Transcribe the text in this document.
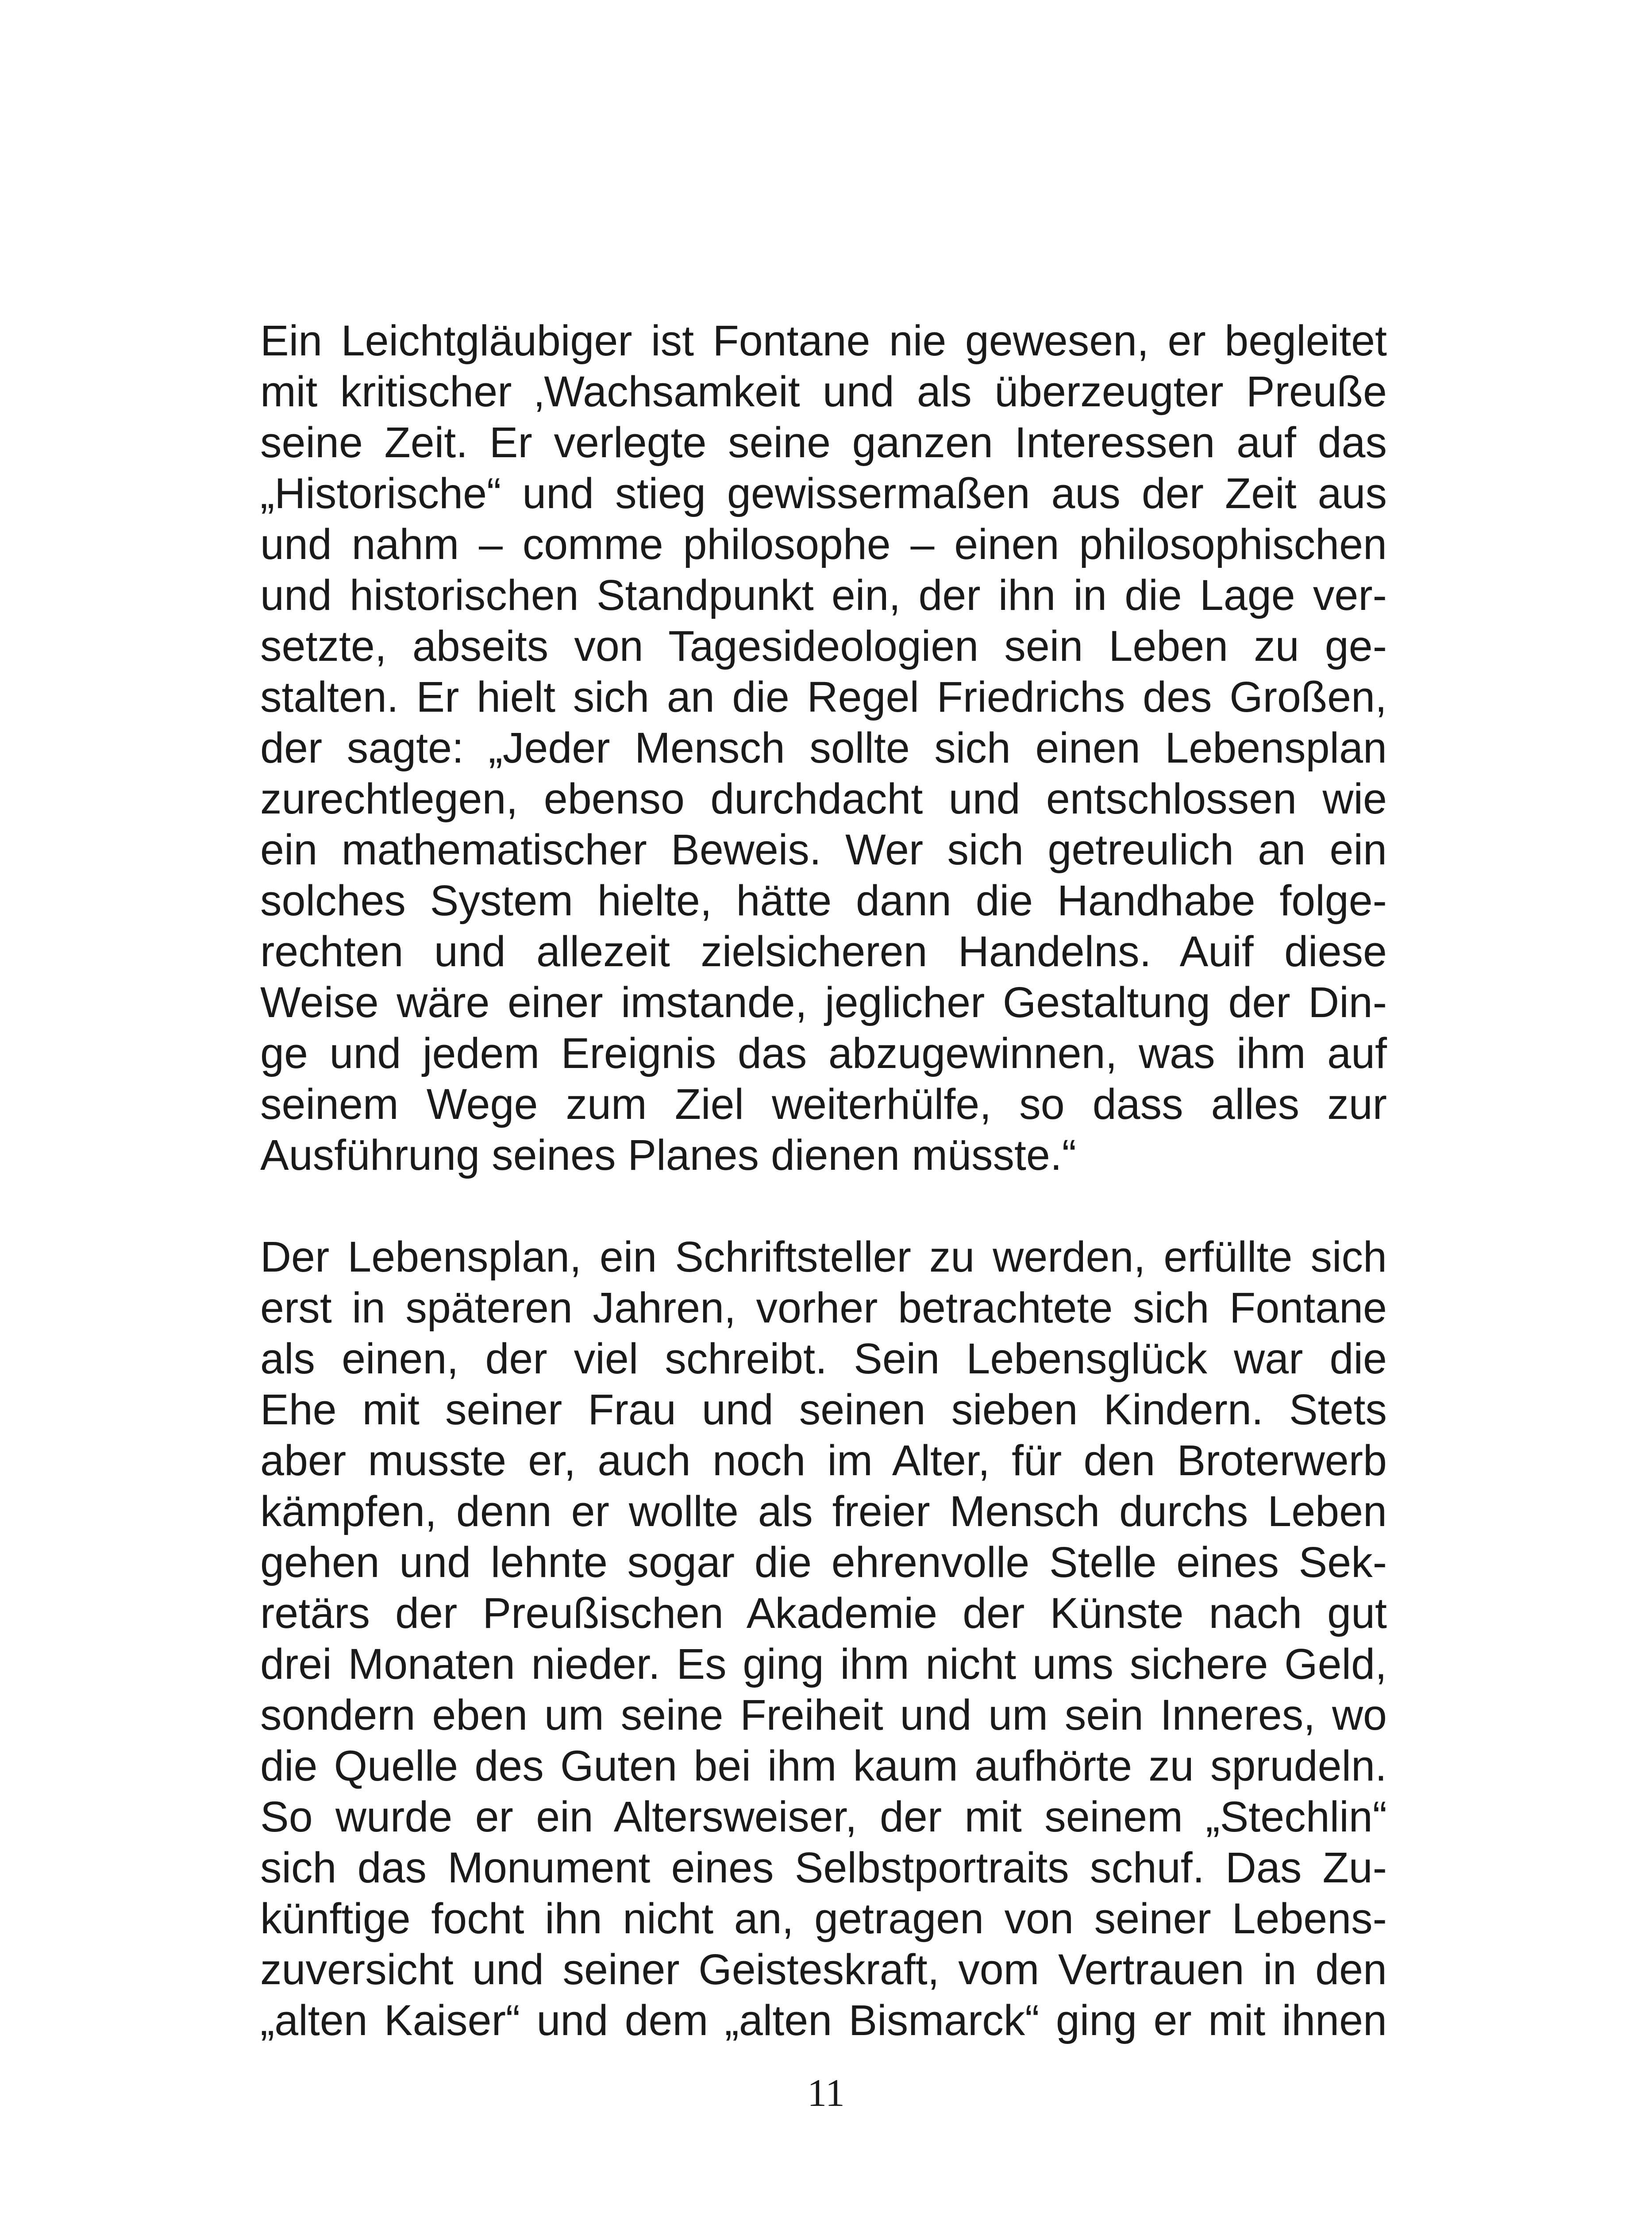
Ein Leichtgläubiger ist Fontane nie gewesen, er begleitet
mit kritischer ‚Wachsamkeit und als überzeugter Preuße
seine Zeit. Er verlegte seine ganzen Interessen auf das
„Historische“ und stieg gewissermaßen aus der Zeit aus
und nahm – comme philosophe – einen philosophischen
und historischen Standpunkt ein, der ihn in die Lage ver-
setzte, abseits von Tagesideologien sein Leben zu ge-
stalten. Er hielt sich an die Regel Friedrichs des Großen,
der sagte: „Jeder Mensch sollte sich einen Lebensplan
zurechtlegen, ebenso durchdacht und entschlossen wie
ein mathematischer Beweis. Wer sich getreulich an ein
solches System hielte, hätte dann die Handhabe folge-
rechten und allezeit zielsicheren Handelns. Auif diese
Weise wäre einer imstande, jeglicher Gestaltung der Din-
ge und jedem Ereignis das abzugewinnen, was ihm auf
seinem Wege zum Ziel weiterhülfe, so dass alles zur
Ausführung seines Planes dienen müsste.“
Der Lebensplan, ein Schriftsteller zu werden, erfüllte sich
erst in späteren Jahren, vorher betrachtete sich Fontane
als einen, der viel schreibt. Sein Lebensglück war die
Ehe mit seiner Frau und seinen sieben Kindern. Stets
aber musste er, auch noch im Alter, für den Broterwerb
kämpfen, denn er wollte als freier Mensch durchs Leben
gehen und lehnte sogar die ehrenvolle Stelle eines Sek-
retärs der Preußischen Akademie der Künste nach gut
drei Monaten nieder. Es ging ihm nicht ums sichere Geld,
sondern eben um seine Freiheit und um sein Inneres, wo
die Quelle des Guten bei ihm kaum aufhörte zu sprudeln.
So wurde er ein Altersweiser, der mit seinem „Stechlin“
sich das Monument eines Selbstportraits schuf. Das Zu-
künftige focht ihn nicht an, getragen von seiner Lebens-
zuversicht und seiner Geisteskraft, vom Vertrauen in den
„alten Kaiser“ und dem „alten Bismarck“ ging er mit ihnen
11
